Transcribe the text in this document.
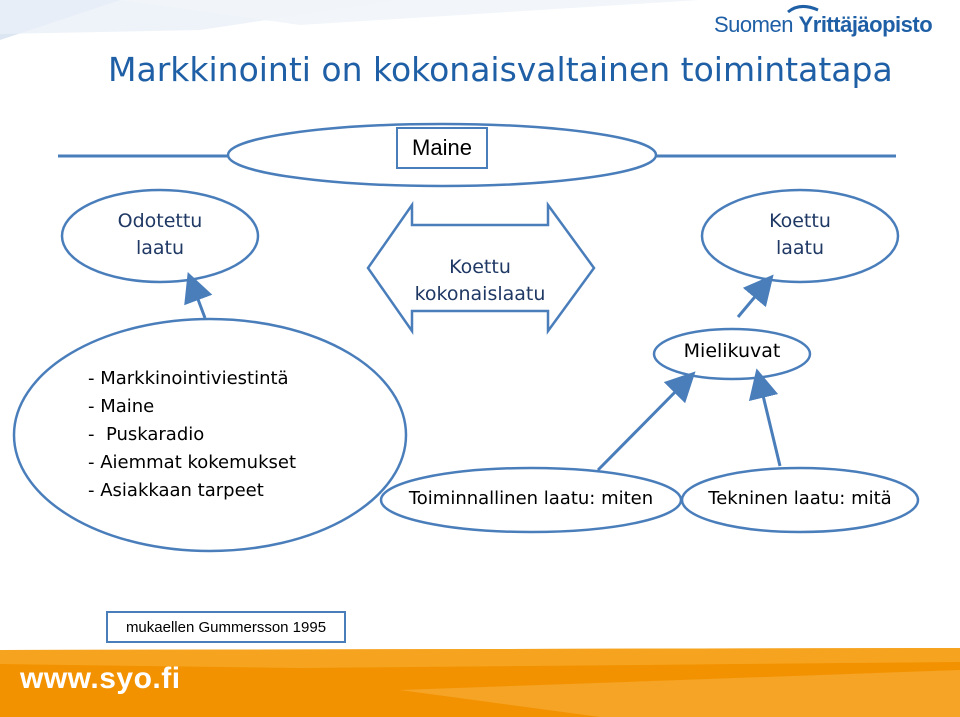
Suomen Yrittäjäopisto
Markkinointi on kokonaisvaltainen toimintatapa
Maine
Odotettu
laatu
Koettu
laatu
Koettu
kokonaislaatu
- Markkinointiviestintä
- Maine
-  Puskaradio
- Aiemmat kokemukset
- Asiakkaan tarpeet
Mielikuvat
Toiminnallinen laatu: miten	Tekninen laatu: mitä
mukaellen Gummersson 1995
www.syo.fi
